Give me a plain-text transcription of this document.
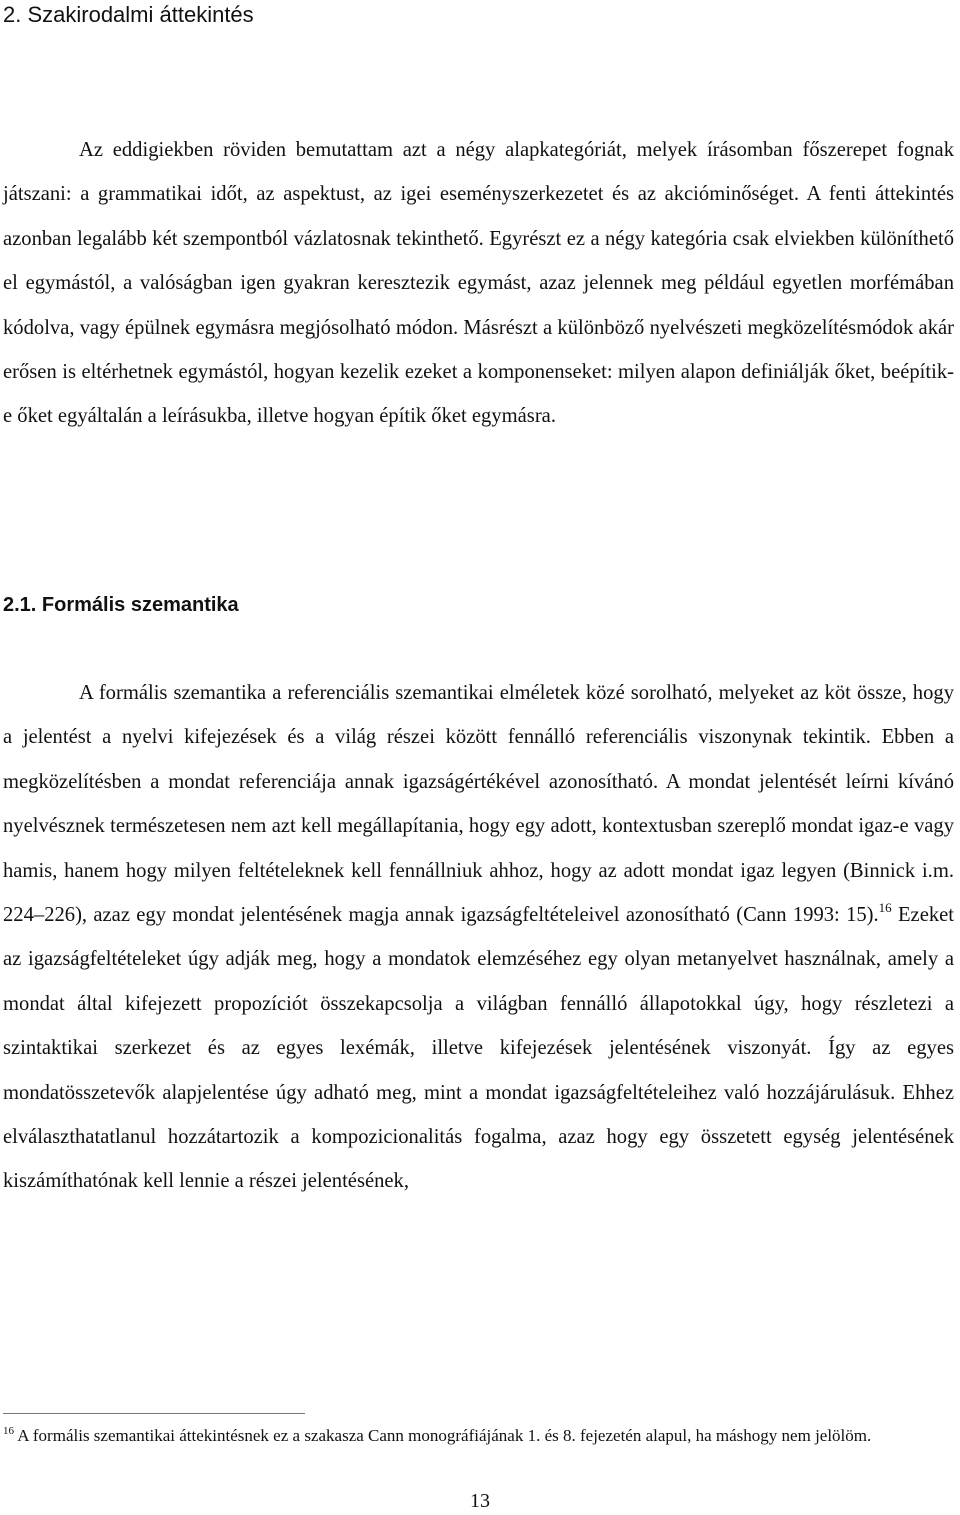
2. Szakirodalmi áttekintés

Az eddigiekben röviden bemutattam azt a négy alapkategóriát, melyek írásomban főszerepet fognak játszani: a grammatikai időt, az aspektust, az igei eseményszerkezetet és az akcióminőséget. A fenti áttekintés azonban legalább két szempontból vázlatosnak tekinthető. Egyrészt ez a négy kategória csak elviekben különíthető el egymástól, a valóságban igen gyakran keresztezik egymást, azaz jelennek meg például egyetlen morfémában kódolva, vagy épülnek egymásra megjósolható módon. Másrészt a különböző nyelvészeti megközelítésmódok akár erősen is eltérhetnek egymástól, hogyan kezelik ezeket a komponenseket: milyen alapon definiálják őket, beépítik-e őket egyáltalán a leírásukba, illetve hogyan építik őket egymásra.

2.1. Formális szemantika

A formális szemantika a referenciális szemantikai elméletek közé sorolható, melyeket az köt össze, hogy a jelentést a nyelvi kifejezések és a világ részei között fennálló referenciális viszonynak tekintik. Ebben a megközelítésben a mondat referenciája annak igazságértékével azonosítható. A mondat jelentését leírni kívánó nyelvésznek természetesen nem azt kell megállapítania, hogy egy adott, kontextusban szereplő mondat igaz-e vagy hamis, hanem hogy milyen feltételeknek kell fennállniuk ahhoz, hogy az adott mondat igaz legyen (Binnick i.m. 224–226), azaz egy mondat jelentésének magja annak igazságfeltételeivel azonosítható (Cann 1993: 15).$^{16}$ Ezeket az igazságfeltételeket úgy adják meg, hogy a mondatok elemzéséhez egy olyan metanyelvet használnak, amely a mondat által kifejezett propozíciót összekapcsolja a világban fennálló állapotokkal úgy, hogy részletezi a szintaktikai szerkezet és az egyes lexémák, illetve kifejezések jelentésének viszonyát. Így az egyes mondatösszetevők alapjelentése úgy adható meg, mint a mondat igazságfeltételeihez való hozzájárulásuk. Ehhez elválaszthatatlanul hozzátartozik a kompozicionalitás fogalma, azaz hogy egy összetett egység jelentésének kiszámíthatónak kell lennie a részei jelentésének,

$^{16}$ A formális szemantikai áttekintésnek ez a szakasza Cann monográfiájának 1. és 8. fejezetén alapul, ha máshogy nem jelölöm.

13
